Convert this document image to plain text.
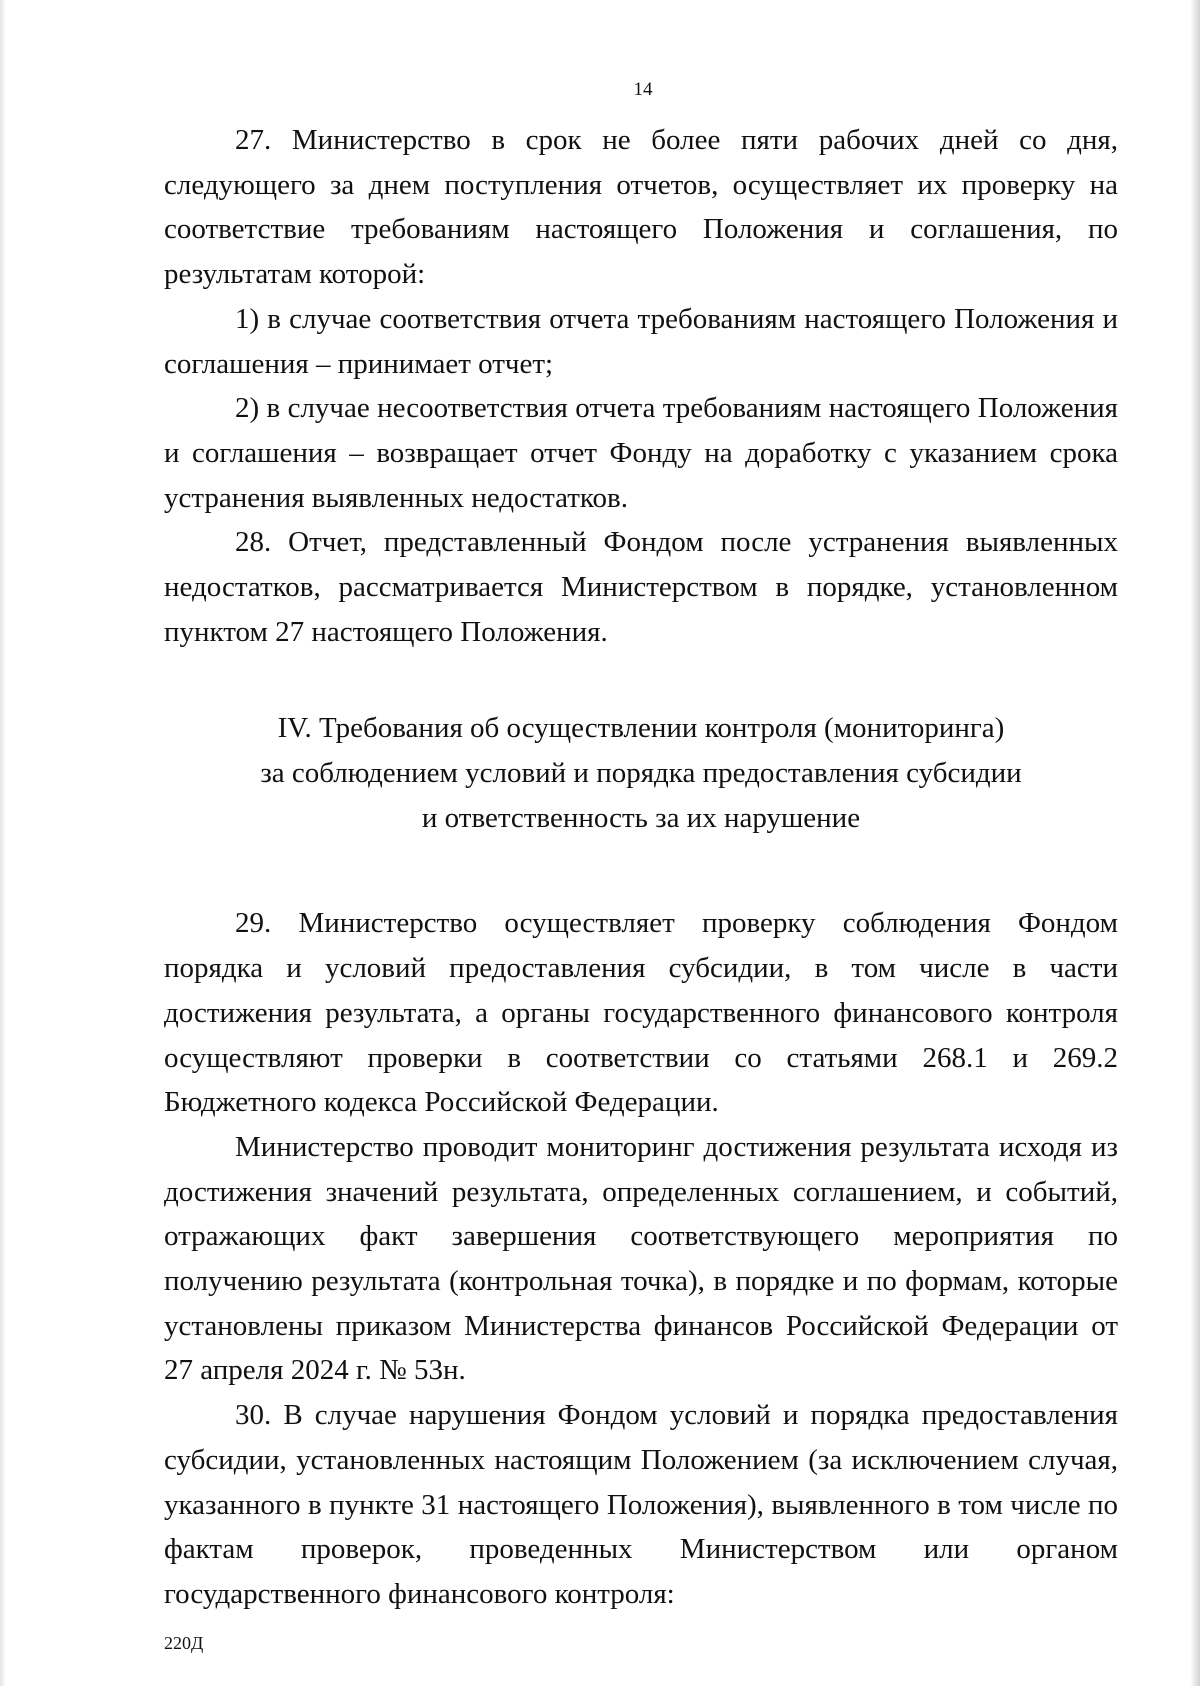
14

27. Министерство в срок не более пяти рабочих дней со дня, следующего за днем поступления отчетов, осуществляет их проверку на соответствие требованиям настоящего Положения и соглашения, по результатам которой:

1) в случае соответствия отчета требованиям настоящего Положения и соглашения – принимает отчет;

2) в случае несоответствия отчета требованиям настоящего Положения и соглашения – возвращает отчет Фонду на доработку с указанием срока устранения выявленных недостатков.

28. Отчет, представленный Фондом после устранения выявленных недостатков, рассматривается Министерством в порядке, установленном пунктом 27 настоящего Положения.

IV. Требования об осуществлении контроля (мониторинга)
за соблюдением условий и порядка предоставления субсидии
и ответственность за их нарушение

29. Министерство осуществляет проверку соблюдения Фондом порядка и условий предоставления субсидии, в том числе в части достижения результата, а органы государственного финансового контроля осуществляют проверки в соответствии со статьями 268.1 и 269.2 Бюджетного кодекса Российской Федерации.

Министерство проводит мониторинг достижения результата исходя из достижения значений результата, определенных соглашением, и событий, отражающих факт завершения соответствующего мероприятия по получению результата (контрольная точка), в порядке и по формам, которые установлены приказом Министерства финансов Российской Федерации от 27 апреля 2024 г. № 53н.

30. В случае нарушения Фондом условий и порядка предоставления субсидии, установленных настоящим Положением (за исключением случая, указанного в пункте 31 настоящего Положения), выявленного в том числе по фактам проверок, проведенных Министерством или органом государственного финансового контроля:

220Д
